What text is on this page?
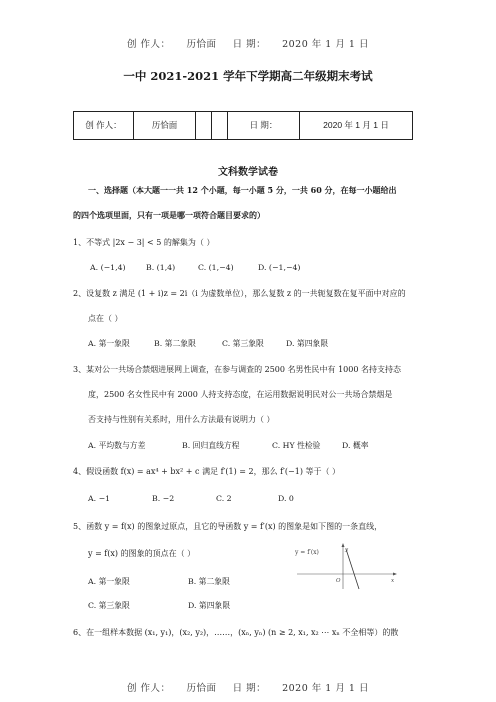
创 作人： 历恰面 日 期： 2020 年 1 月 1 日
一中 2021-2021 学年下学期高二年级期末考试
创 作人：	历恰面	日 期：	2020 年 1 月 1 日
文科数学试卷
一、选择题（本大题一一共 12 个小题，每一小题 5 分，一共 60 分，在每一小题给出
的四个选项里面，只有一项是哪一项符合题目要求的）
1、不等式 |2x − 3| < 5 的解集为（ ）
A. (−1,4)	B. (1,4)	C. (1,−4)	D. (−1,−4)
2、设复数 z 满足 (1 + i)z = 2i（i 为虚数单位），那么复数 z 的一共轭复数在复平面中对应的
点在（ ）
A. 第一象限	B. 第二象限	C. 第三象限	D. 第四象限
3、某对公一共场合禁烟进展网上调查，在参与调查的 2500 名男性民中有 1000 名持支持态
度，2500 名女性民中有 2000 人持支持态度，在运用数据说明民对公一共场合禁烟是
否支持与性别有关系时，用什么方法最有说明力（ ）
A. 平均数与方差	B. 回归直线方程	C. HY 性检验	D. 概率
4、假设函数 f(x) = ax⁴ + bx² + c 满足 f′(1) = 2，那么 f′(−1) 等于（ ）
A. −1	B. −2	C. 2	D. 0
5、函数 y = f(x) 的图象过原点，且它的导函数 y = f′(x) 的图象是如下图的一条直线，
y = f(x) 的图象的顶点在（ ）
A. 第一象限	B. 第二象限
C. 第三象限	D. 第四象限
y = f′(x)	y
x
O
6、在一组样本数据 (x₁, y₁)，(x₂, y₂)，……，(xₙ, yₙ) (n ≥ 2, x₁, x₂ ⋯ xₙ 不全相等）的散
创 作人： 历恰面 日 期： 2020 年 1 月 1 日
